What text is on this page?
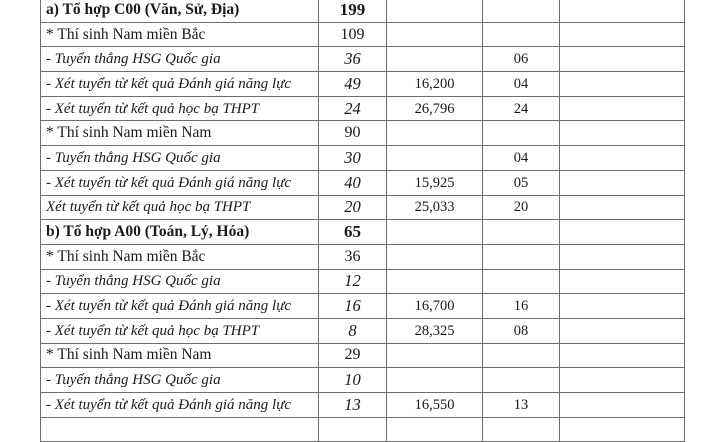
a) Tổ hợp C00 (Văn, Sử, Địa)	199			
* Thí sinh Nam miền Bắc	109			
- Tuyển thẳng HSG Quốc gia	36		06	
- Xét tuyển từ kết quả Đánh giá năng lực	49	16,200	04	
- Xét tuyển từ kết quả học bạ THPT	24	26,796	24	
* Thí sinh Nam miền Nam	90			
- Tuyển thẳng HSG Quốc gia	30		04	
- Xét tuyển từ kết quả Đánh giá năng lực	40	15,925	05	
Xét tuyển từ kết quả học bạ THPT	20	25,033	20	
b) Tổ hợp A00 (Toán, Lý, Hóa)	65			
* Thí sinh Nam miền Bắc	36			
- Tuyển thẳng HSG Quốc gia	12			
- Xét tuyển từ kết quả Đánh giá năng lực	16	16,700	16	
- Xét tuyển từ kết quả học bạ THPT	8	28,325	08	
* Thí sinh Nam miền Nam	29			
- Tuyển thẳng HSG Quốc gia	10			
- Xét tuyển từ kết quả Đánh giá năng lực	13	16,550	13	
